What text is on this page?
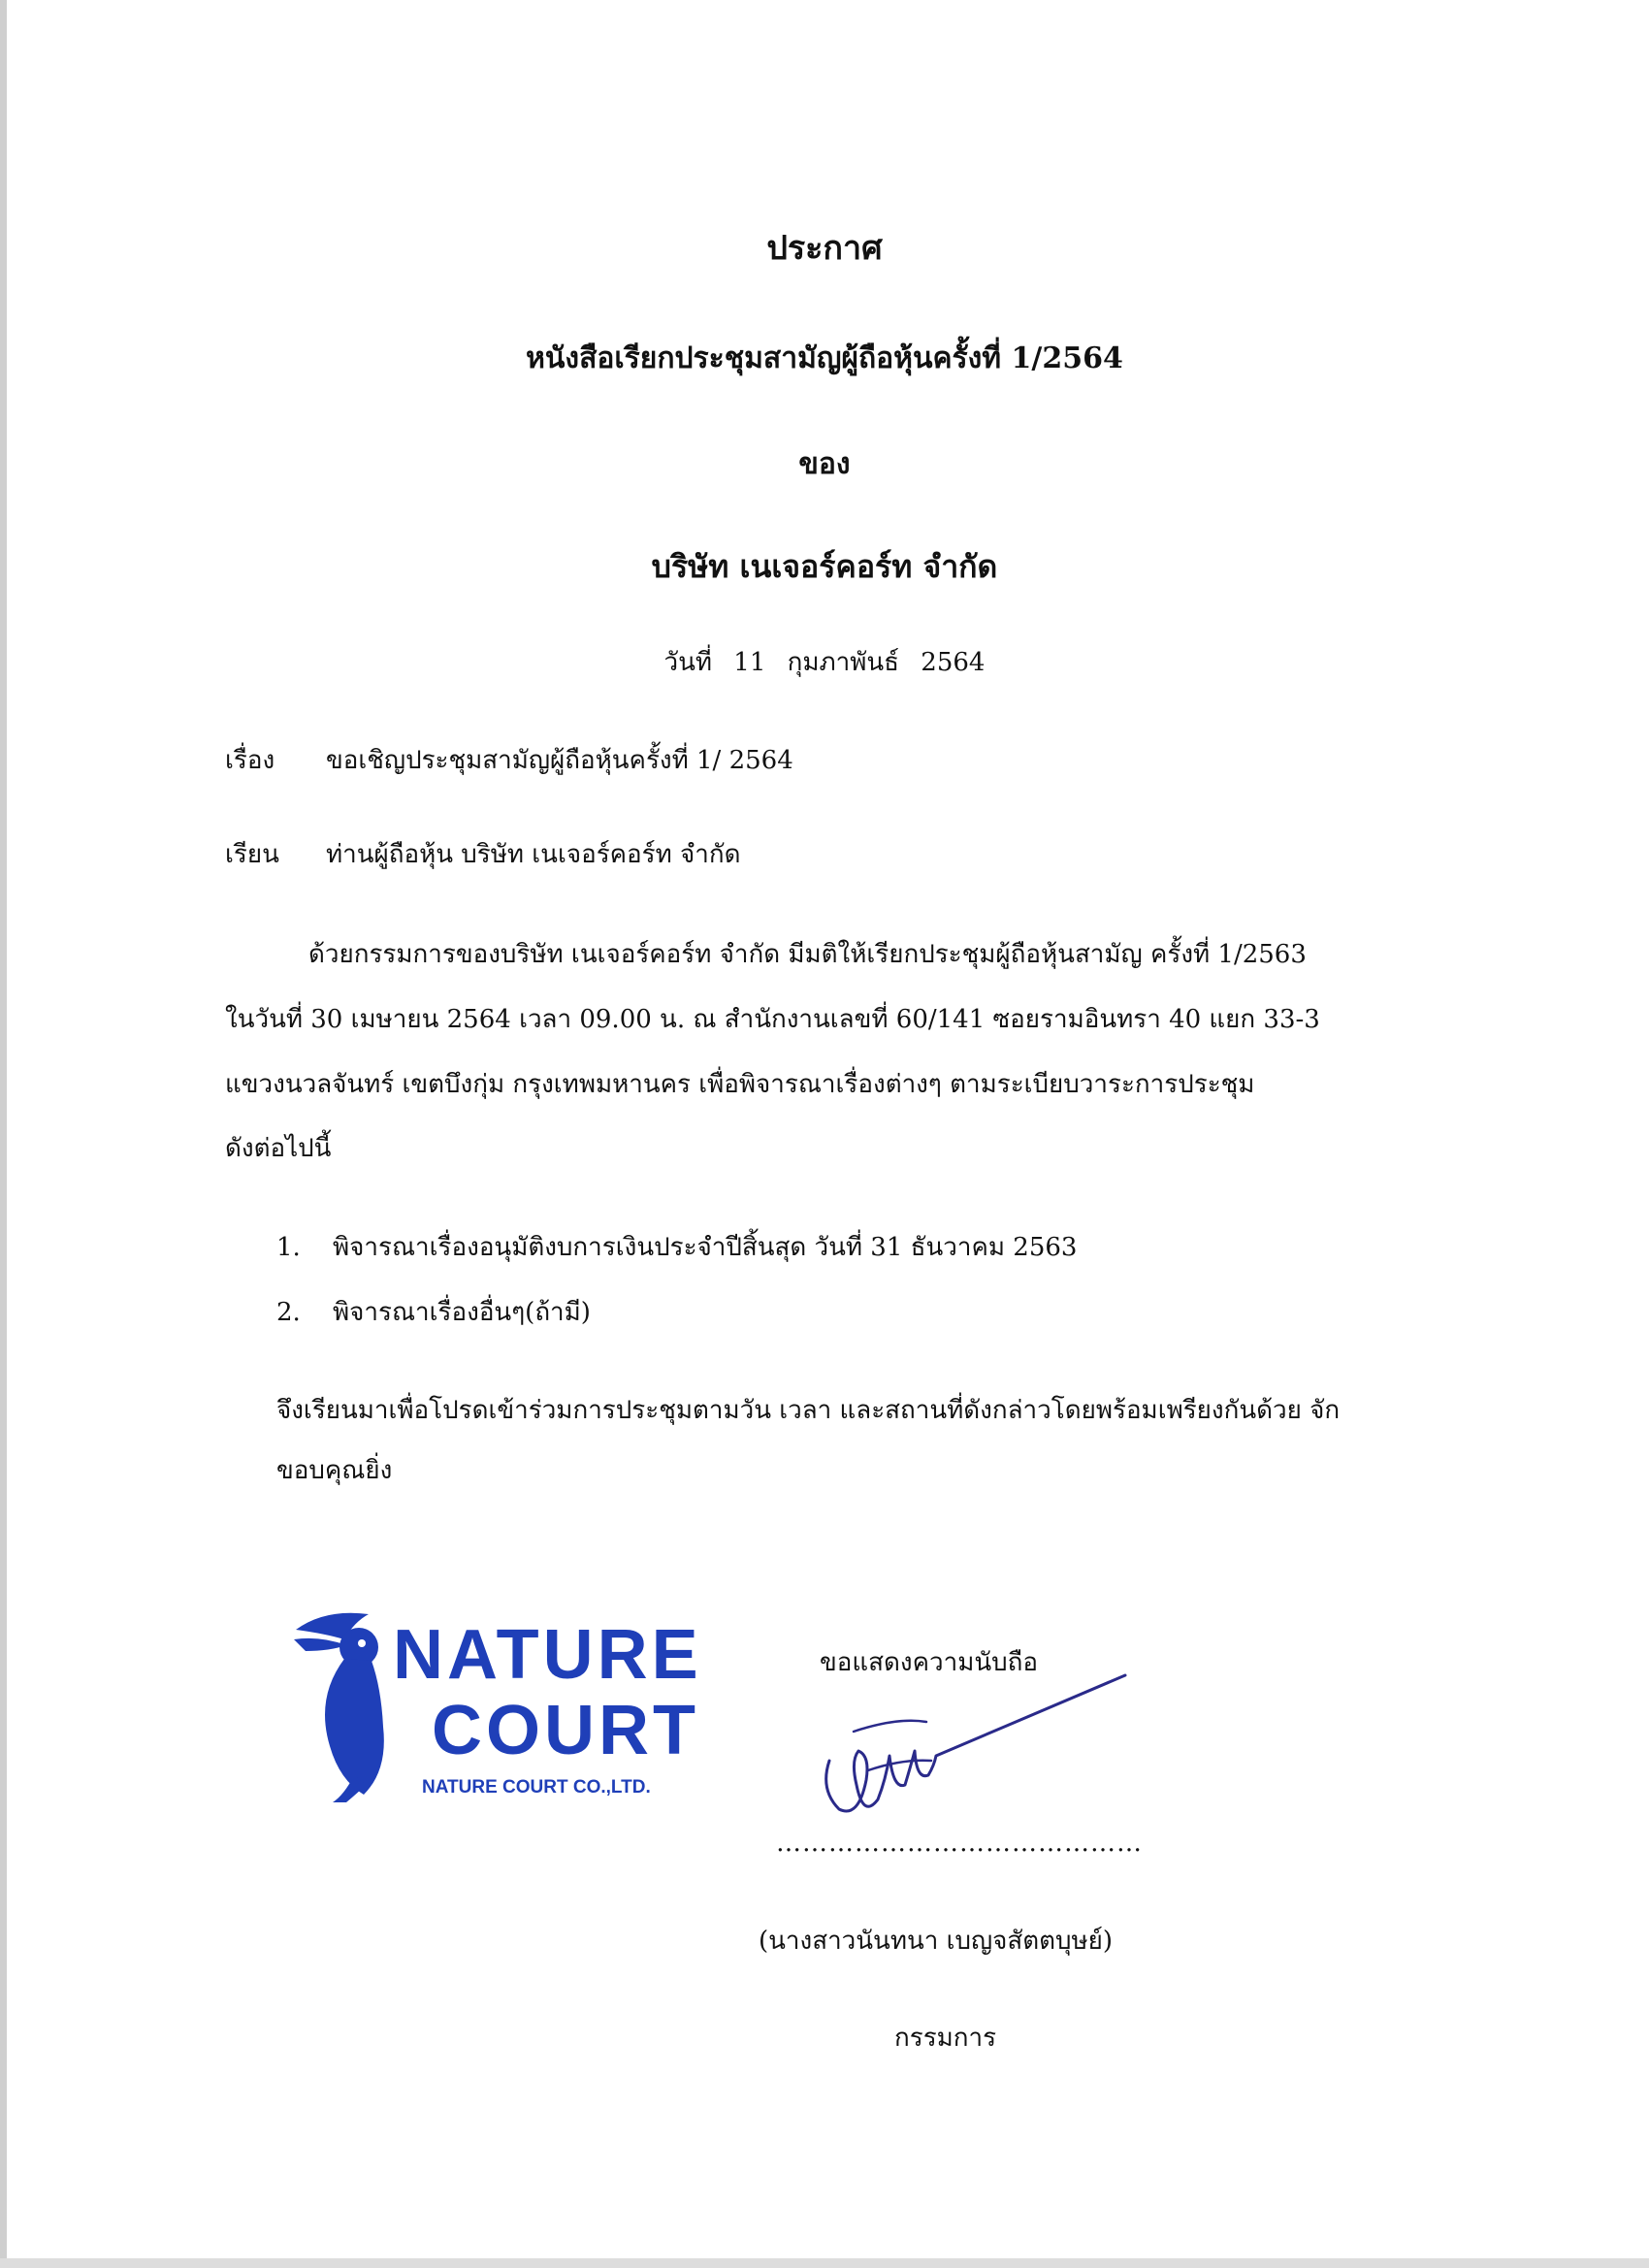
ประกาศ
หนังสือเรียกประชุมสามัญผู้ถือหุ้นครั้งที่ 1/2564
ของ
บริษัท เนเจอร์คอร์ท จำกัด
วันที่ 11 กุมภาพันธ์ 2564
เรื่อง ขอเชิญประชุมสามัญผู้ถือหุ้นครั้งที่ 1/ 2564
เรียน ท่านผู้ถือหุ้น บริษัท เนเจอร์คอร์ท จำกัด
ด้วยกรรมการของบริษัท เนเจอร์คอร์ท จำกัด มีมติให้เรียกประชุมผู้ถือหุ้นสามัญ ครั้งที่ 1/2563
ในวันที่ 30 เมษายน 2564 เวลา 09.00 น. ณ สำนักงานเลขที่ 60/141 ซอยรามอินทรา 40 แยก 33-3
แขวงนวลจันทร์ เขตบึงกุ่ม กรุงเทพมหานคร เพื่อพิจารณาเรื่องต่างๆ ตามระเบียบวาระการประชุม
ดังต่อไปนี้
1. พิจารณาเรื่องอนุมัติงบการเงินประจำปีสิ้นสุด วันที่ 31 ธันวาคม 2563
2. พิจารณาเรื่องอื่นๆ(ถ้ามี)
จึงเรียนมาเพื่อโปรดเข้าร่วมการประชุมตามวัน เวลา และสถานที่ดังกล่าวโดยพร้อมเพรียงกันด้วย จัก
ขอบคุณยิ่ง
NATURE
COURT
NATURE COURT CO.,LTD.
ขอแสดงความนับถือ
……………………………………
(นางสาวนันทนา เบญจสัตตบุษย์)
กรรมการ
